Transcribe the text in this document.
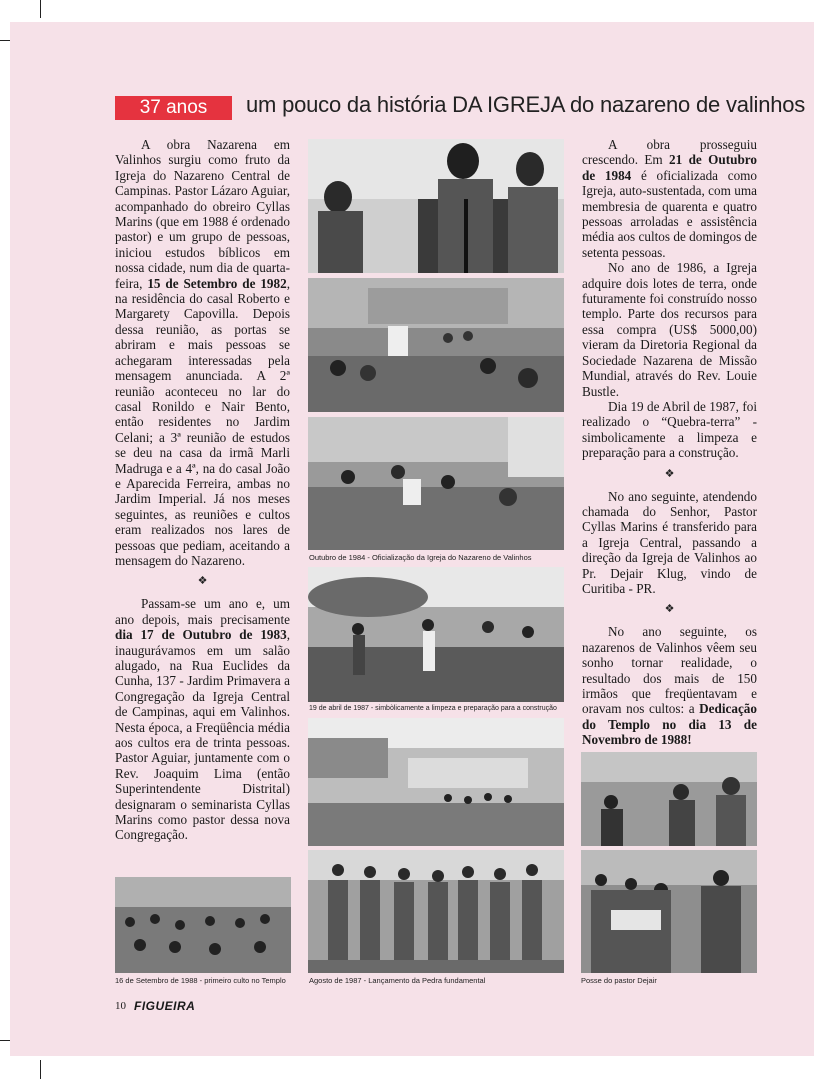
37 anos	um pouco da história DA IGREJA do nazareno de valinhos

A obra Nazarena em Valinhos surgiu como fruto da Igreja do Nazareno Central de Campinas. Pastor Lázaro Aguiar, acompanhado do obreiro Cyllas Marins (que em 1988 é ordenado pastor) e um grupo de pessoas, iniciou estudos bíblicos em nossa cidade, num dia de quarta-feira, 15 de Setembro de 1982, na residência do casal Roberto e Margarety Capovilla. Depois dessa reunião, as portas se abriram e mais pessoas se achegaram interessadas pela mensagem anunciada. A 2ª reunião aconteceu no lar do casal Ronildo e Nair Bento, então residentes no Jardim Celani; a 3ª reunião de estudos se deu na casa da irmã Marli Madruga e a 4ª, na do casal João e Aparecida Ferreira, ambas no Jardim Imperial. Já nos meses seguintes, as reuniões e cultos eram realizados nos lares de pessoas que pediam, aceitando a mensagem do Nazareno.

❖

Passam-se um ano e, um ano depois, mais precisamente dia 17 de Outubro de 1983, inaugurávamos em um salão alugado, na Rua Euclides da Cunha, 137 - Jardim Primavera a Congregação da Igreja Central de Campinas, aqui em Valinhos. Nesta época, a Freqüência média aos cultos era de trinta pessoas. Pastor Aguiar, juntamente com o Rev. Joaquim Lima (então Superintendente Distrital) designaram o seminarista Cyllas Marins como pastor dessa nova Congregação.

A obra prosseguiu crescendo. Em 21 de Outubro de 1984 é oficializada como Igreja, auto-sustentada, com uma membresia de quarenta e quatro pessoas arroladas e assistência média aos cultos de domingos de setenta pessoas.

No ano de 1986, a Igreja adquire dois lotes de terra, onde futuramente foi construído nosso templo. Parte dos recursos para essa compra (US$ 5000,00) vieram da Diretoria Regional da Sociedade Nazarena de Missão Mundial, através do Rev. Louie Bustle.

Dia 19 de Abril de 1987, foi realizado o “Quebra-terra” - simbolicamente a limpeza e preparação para a construção.

❖

No ano seguinte, atendendo chamada do Senhor, Pastor Cyllas Marins é transferido para a Igreja Central, passando a direção da Igreja de Valinhos ao Pr. Dejair Klug, vindo de Curitiba - PR.

❖

No ano seguinte, os nazarenos de Valinhos vêem seu sonho tornar realidade, o resultado dos mais de 150 irmãos que freqüentavam e oravam nos cultos: a Dedicação do Templo no dia 13 de Novembro de 1988!

Outubro de 1984 - Oficialização da Igreja do Nazareno de Valinhos
19 de abril de 1987 - simbòlicamente a limpeza e preparação para a construção
Agosto de 1987 - Lançamento da Pedra fundamental
16 de Setembro de 1988 - primeiro culto no Templo	Posse do pastor Dejair
10 FIGUEIRA
